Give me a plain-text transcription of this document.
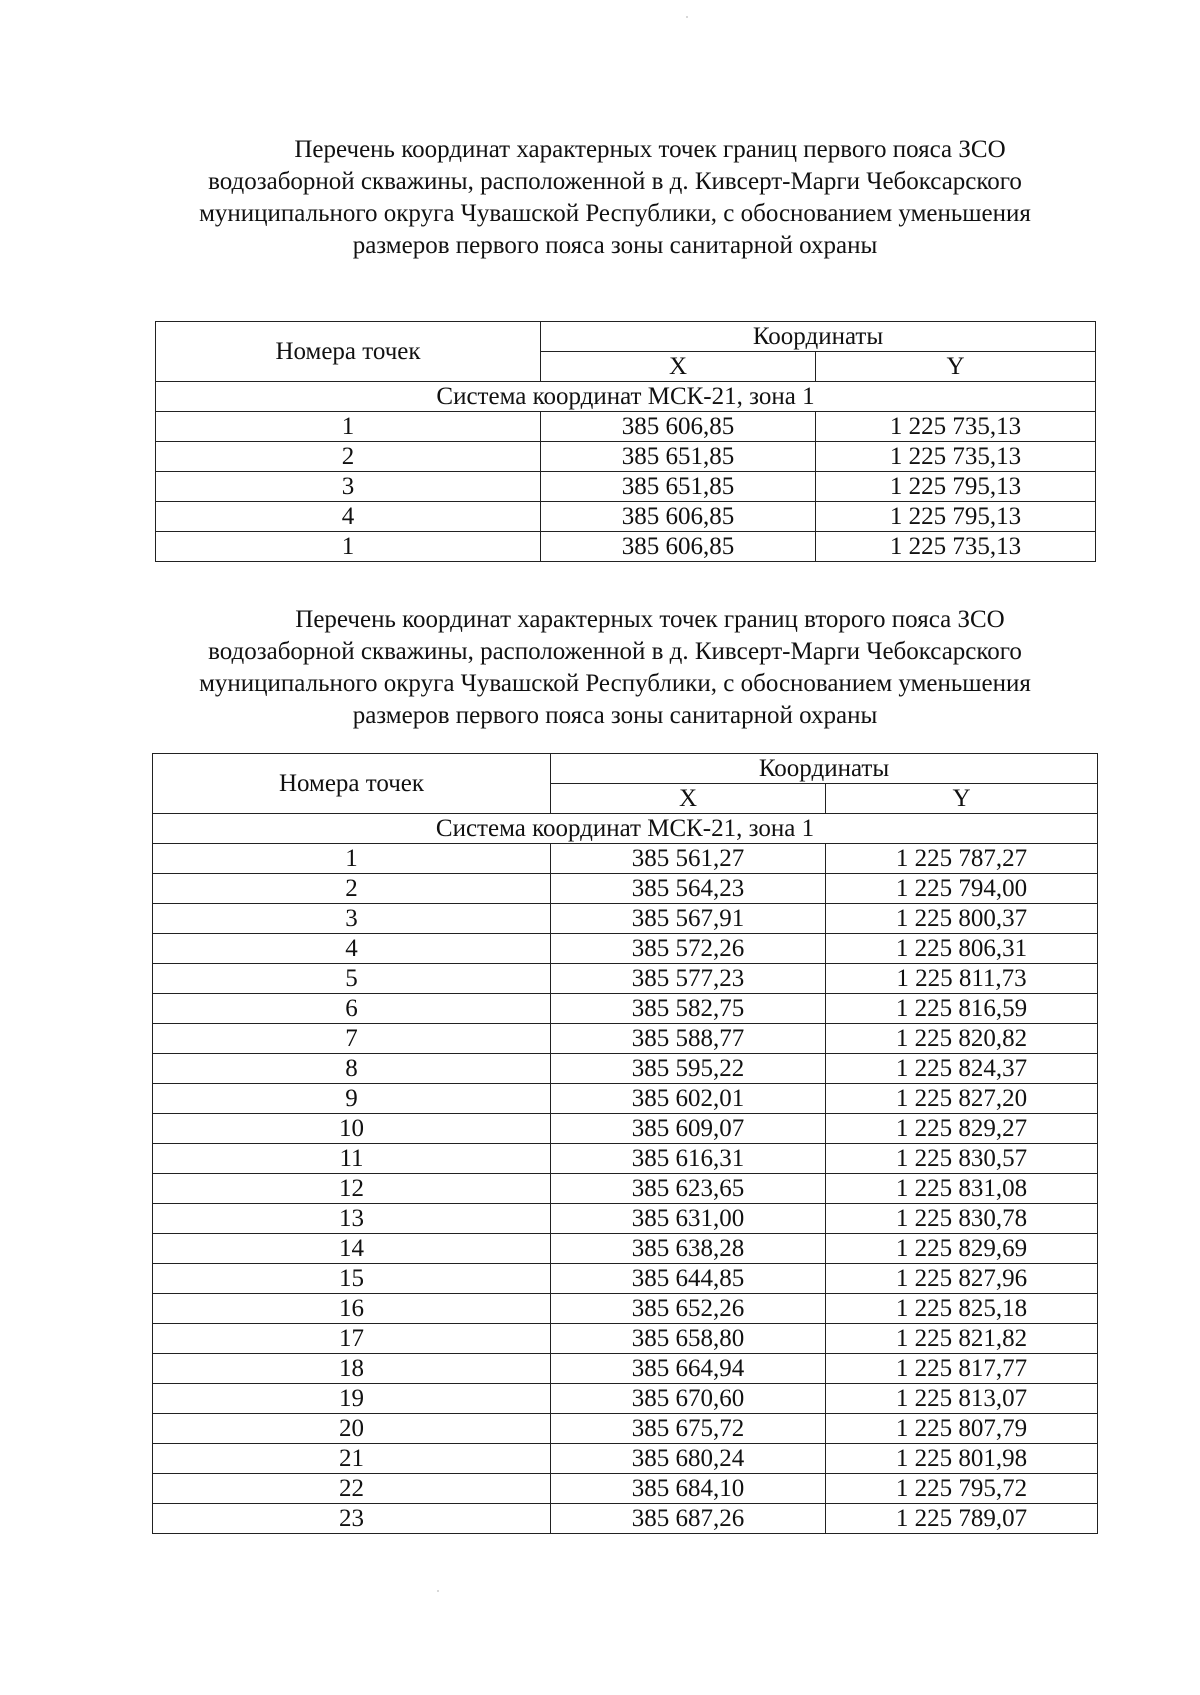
Перечень координат характерных точек границ первого пояса ЗСО
водозаборной скважины, расположенной в д. Кивсерт-Марги Чебоксарского
муниципального округа Чувашской Республики, с обоснованием уменьшения
размеров первого пояса зоны санитарной охраны
Номера точек	Координаты	
	X	Y
Система координат МСК-21, зона 1		
1	385 606,85	1 225 735,13
2	385 651,85	1 225 735,13
3	385 651,85	1 225 795,13
4	385 606,85	1 225 795,13
1	385 606,85	1 225 735,13
Перечень координат характерных точек границ второго пояса ЗСО
водозаборной скважины, расположенной в д. Кивсерт-Марги Чебоксарского
муниципального округа Чувашской Республики, с обоснованием уменьшения
размеров первого пояса зоны санитарной охраны
Номера точек	Координаты	
	X	Y
Система координат МСК-21, зона 1		
1	385 561,27	1 225 787,27
2	385 564,23	1 225 794,00
3	385 567,91	1 225 800,37
4	385 572,26	1 225 806,31
5	385 577,23	1 225 811,73
6	385 582,75	1 225 816,59
7	385 588,77	1 225 820,82
8	385 595,22	1 225 824,37
9	385 602,01	1 225 827,20
10	385 609,07	1 225 829,27
11	385 616,31	1 225 830,57
12	385 623,65	1 225 831,08
13	385 631,00	1 225 830,78
14	385 638,28	1 225 829,69
15	385 644,85	1 225 827,96
16	385 652,26	1 225 825,18
17	385 658,80	1 225 821,82
18	385 664,94	1 225 817,77
19	385 670,60	1 225 813,07
20	385 675,72	1 225 807,79
21	385 680,24	1 225 801,98
22	385 684,10	1 225 795,72
23	385 687,26	1 225 789,07
